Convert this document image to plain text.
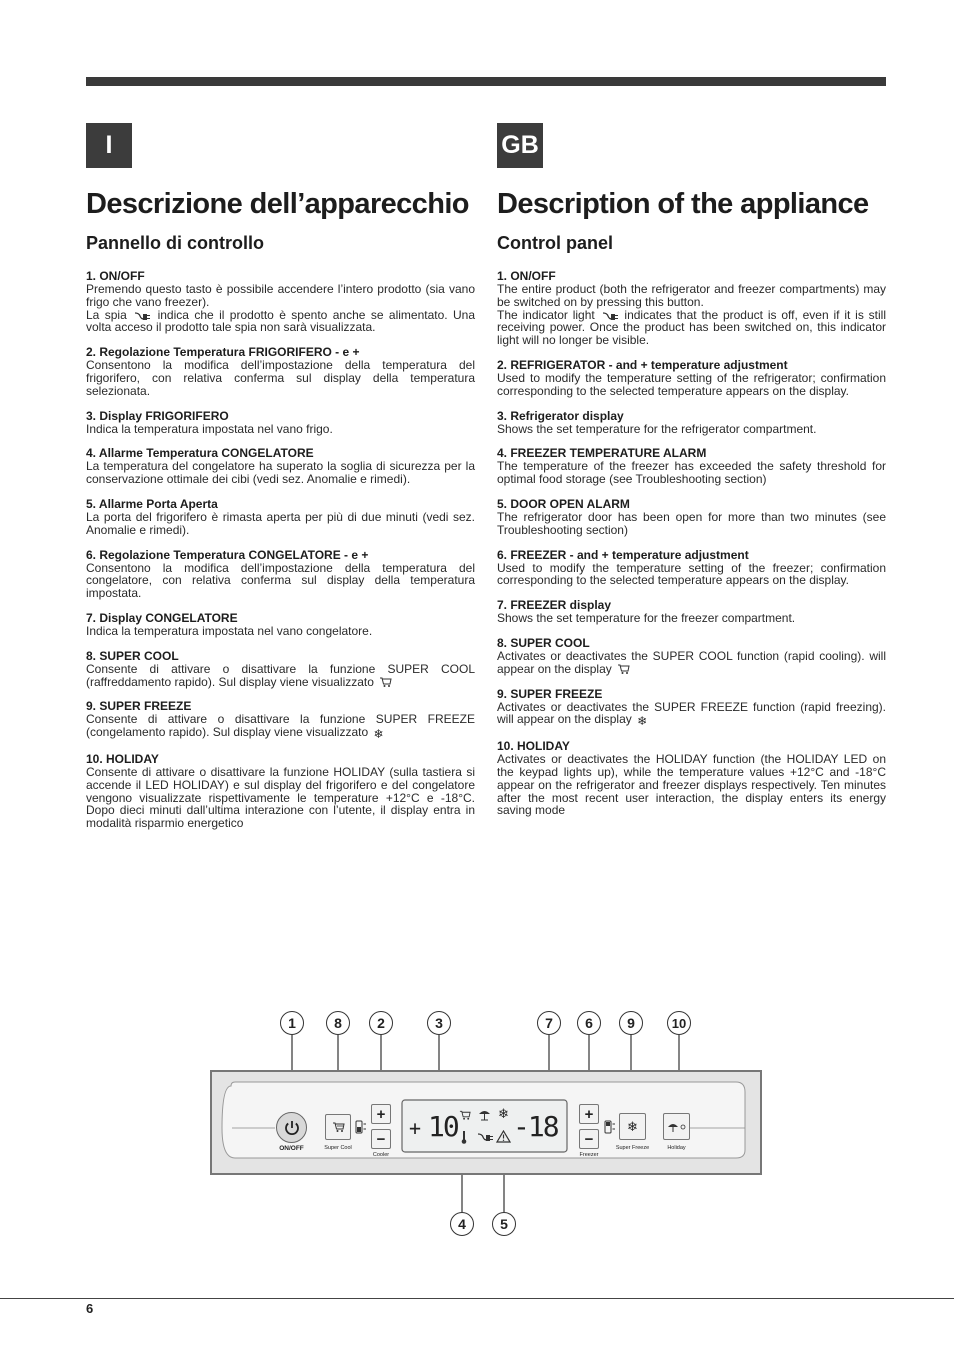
I	GB
Descrizione dell’apparecchio
Pannello di controllo
1. ON/OFF

Premendo questo tasto è possibile accendere l’intero prodotto (sia vano frigo che vano freezer).

La spia  indica che il prodotto è spento anche se alimentato. Una volta acceso il prodotto tale spia non sarà visualizzata.

2. Regolazione Temperatura FRIGORIFERO - e +

Consentono la modifica dell’impostazione della temperatura del frigorifero, con relativa conferma sul display della temperatura selezionata.

3. Display FRIGORIFERO

Indica la temperatura impostata nel vano frigo.

4. Allarme Temperatura CONGELATORE

La temperatura del congelatore ha superato la soglia di sicurezza per la conservazione ottimale dei cibi (vedi sez. Anomalie e rimedi).

5. Allarme Porta Aperta

La porta del frigorifero è rimasta aperta per più di due minuti (vedi sez. Anomalie e rimedi).

6. Regolazione Temperatura CONGELATORE - e +

Consentono la modifica dell’impostazione della temperatura del congelatore, con relativa conferma sul display della temperatura impostata.

7. Display CONGELATORE

Indica la temperatura impostata nel vano congelatore.

8. SUPER COOL

Consente di attivare o disattivare la funzione SUPER COOL (raffreddamento rapido). Sul display viene visualizzato

9. SUPER FREEZE

Consente di attivare o disattivare la funzione SUPER FREEZE (congelamento rapido). Sul display viene visualizzato ❄

10. HOLIDAY

Consente di attivare o disattivare la funzione HOLIDAY (sulla tastiera si accende il LED HOLIDAY) e sul display del frigorifero e del congelatore vengono visualizzate rispettivamente le temperature +12°C e -18°C. Dopo dieci minuti dall’ultima interazione con l’utente, il display entra in modalità risparmio energetico

Description of the appliance
Control panel
1. ON/OFF

The entire product (both the refrigerator and freezer compartments) may be switched on by pressing this button.

The indicator light  indicates that the product is off, even if it is still receiving power. Once the product has been switched on, this indicator light will no longer be visible.

2. REFRIGERATOR - and + temperature adjustment

Used to modify the temperature setting of the refrigerator; confirmation corresponding to the selected temperature appears on the display.

3. Refrigerator display

Shows the set temperature for the refrigerator compartment.

4. FREEZER TEMPERATURE ALARM

The temperature of the freezer has exceeded the safety threshold for optimal food storage (see Troubleshooting section)

5. DOOR OPEN ALARM

The refrigerator door has been open for more than two minutes (see Troubleshooting section)

6. FREEZER - and + temperature adjustment

Used to modify the temperature setting of the freezer; confirmation corresponding to the selected temperature appears on the display.

7. FREEZER display

Shows the set temperature for the freezer compartment.

8. SUPER COOL

Activates or deactivates the SUPER COOL function (rapid cooling). will appear on the display

9. SUPER FREEZE

Activates or deactivates the SUPER FREEZE function (rapid freezing). will appear on the display ❄

10. HOLIDAY

Activates or deactivates the HOLIDAY function (the HOLIDAY LED on the keypad lights up), while the temperature values +12°C and -18°C appear on the refrigerator and freezer displays respectively. Ten minutes after the most recent user interaction, the display enters its energy saving mode

ON/OFF	Super Cool
+
−
Cooler
+ 10 -18
❄	+
−
Freezer
❄
Super Freeze	Holiday
1	8	2	3	7	6	9	10
4	5
6
